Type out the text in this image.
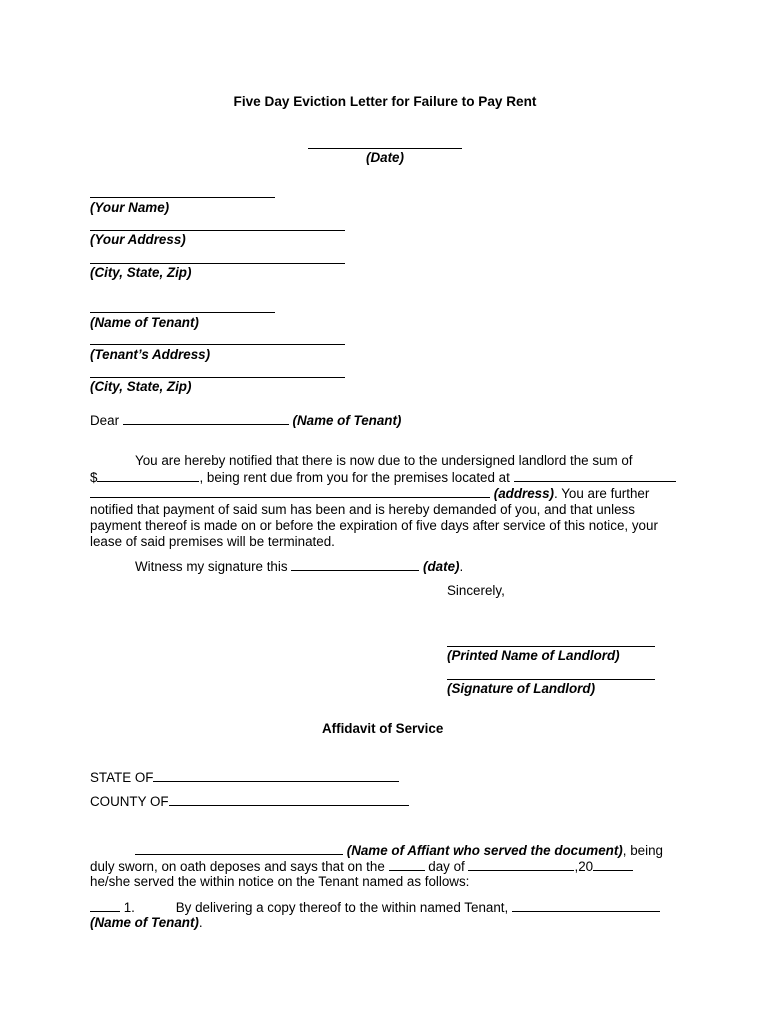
Five Day Eviction Letter for Failure to Pay Rent
(Date)
(Your Name)
(Your Address)
(City, State, Zip)
(Name of Tenant)
(Tenant’s Address)
(City, State, Zip)
Dear	(Name of Tenant)
You are hereby notified that there is now due to the undersigned landlord the sum of
$	, being rent due from you for the premises located at
(address). You are further
notified that payment of said sum has been and is hereby demanded of you, and that unless payment thereof is made on or before the expiration of five days after service of this notice, your lease of said premises will be terminated.
Witness my signature this	(date).
Sincerely,
(Printed Name of Landlord)
(Signature of Landlord)
Affidavit of Service
STATE OF
COUNTY OF
(Name of Affiant who served the document), being
duly sworn, on oath deposes and says that on the	day of	,20
he/she served the within notice on the Tenant named as follows:
1.	By delivering a copy thereof to the within named Tenant,
(Name of Tenant).
